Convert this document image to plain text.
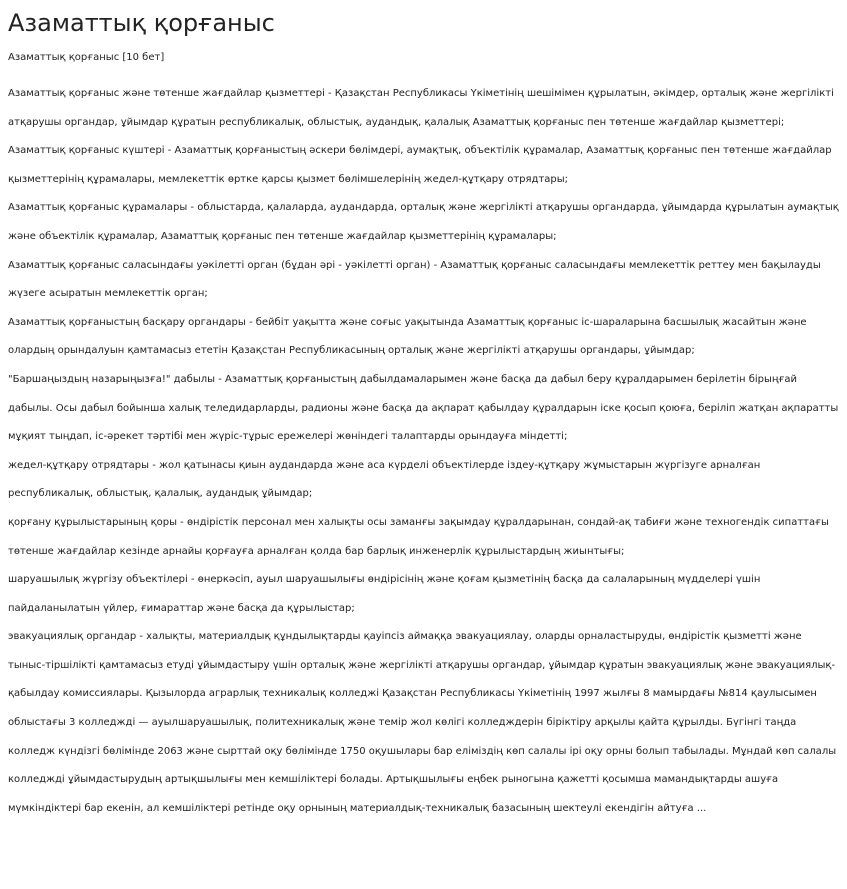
Азаматтық қорғаныс
Азаматтық қорғаныс [10 бет]

Азаматтық қорғаныс және төтенше жағдайлар қызметтері - Қазақстан Республикасы Үкіметінің шешімімен құрылатын, әкімдер, орталық және жергілікті атқарушы органдар, ұйымдар құратын республикалық, облыстық, аудандық, қалалық Азаматтық қорғаныс пен төтенше жағдайлар қызметтері;

Азаматтық қорғаныс күштері - Азаматтық қорғаныстың әскери бөлімдері, аумақтық, объектілік құрамалар, Азаматтық қорғаныс пен төтенше жағдайлар қызметтерінің құрамалары, мемлекеттік өртке қарсы қызмет бөлімшелерінің жедел-құтқару отрядтары;

Азаматтық қорғаныс құрамалары - облыстарда, қалаларда, аудандарда, орталық және жергілікті атқарушы органдарда, ұйымдарда құрылатын аумақтық және объектілік құрамалар, Азаматтық қорғаныс пен төтенше жағдайлар қызметтерінің құрамалары;

Азаматтық қорғаныс саласындағы уәкілетті орган (бұдан әрі - уәкілетті орган) - Азаматтық қорғаныс саласындағы мемлекеттік реттеу мен бақылауды жүзеге асыратын мемлекеттік орган;

Азаматтық қорғаныстың басқару органдары - бейбіт уақытта және соғыс уақытында Азаматтық қорғаныс іс-шараларына басшылық жасайтын және олардың орындалуын қамтамасыз ететін Қазақстан Республикасының орталық және жергілікті атқарушы органдары, ұйымдар;

"Баршаңыздың назарыңызға!" дабылы - Азаматтық қорғаныстың дабылдамаларымен және басқа да дабыл беру құралдарымен берілетін бірыңғай дабылы. Осы дабыл бойынша халық теледидарларды, радионы және басқа да ақпарат қабылдау құралдарын іске қосып қоюға, беріліп жатқан ақпаратты мұқият тыңдап, іс-әрекет тәртібі мен жүріс-тұрыс ережелері жөніндегі талаптарды орындауға міндетті;

жедел-құтқару отрядтары - жол қатынасы қиын аудандарда және аса күрделі объектілерде іздеу-құтқару жұмыстарын жүргізуге арналған республикалық, облыстық, қалалық, аудандық ұйымдар;

қорғану құрылыстарының қоры - өндірістік персонал мен халықты осы заманғы зақымдау құралдарынан, сондай-ақ табиғи және техногендік сипаттағы төтенше жағдайлар кезінде арнайы қорғауға арналған қолда бар барлық инженерлік құрылыстардың жиынтығы;

шаруашылық жүргізу объектілері - өнеркәсіп, ауыл шаруашылығы өндірісінің және қоғам қызметінің басқа да салаларының мүдделері үшін пайдаланылатын үйлер, ғимараттар және басқа да құрылыстар;

эвакуациялық органдар - халықты, материалдық құндылықтарды қауіпсіз аймаққа эвакуациялау, оларды орналастыруды, өндірістік қызметті және тыныс-тіршілікті қамтамасыз етуді ұйымдастыру үшін орталық және жергілікті атқарушы органдар, ұйымдар құратын эвакуациялық және эвакуациялық-қабылдау комиссиялары. Қызылорда аграрлық техникалық колледжі Қазақстан Республикасы Үкіметінің 1997 жылғы 8 мамырдағы №814 қаулысымен облыстағы 3 колледжді — ауылшаруашылық, политехникалық және темір жол көлігі колледждерін біріктіру арқылы қайта құрылды. Бүгінгі таңда колледж күндізгі бөлімінде 2063 және сырттай оқу бөлімінде 1750 оқушылары бар еліміздің көп салалы ірі оқу орны болып табылады. Мұндай көп салалы колледжді ұйымдастырудың артықшылығы мен кемшіліктері болады. Артықшылығы еңбек рыногына қажетті қосымша мамандықтарды ашуға мүмкіндіктері бар екенін, ал кемшіліктері ретінде оқу орнының материалдық-техникалық базасының шектеулі екендігін айтуға ...
